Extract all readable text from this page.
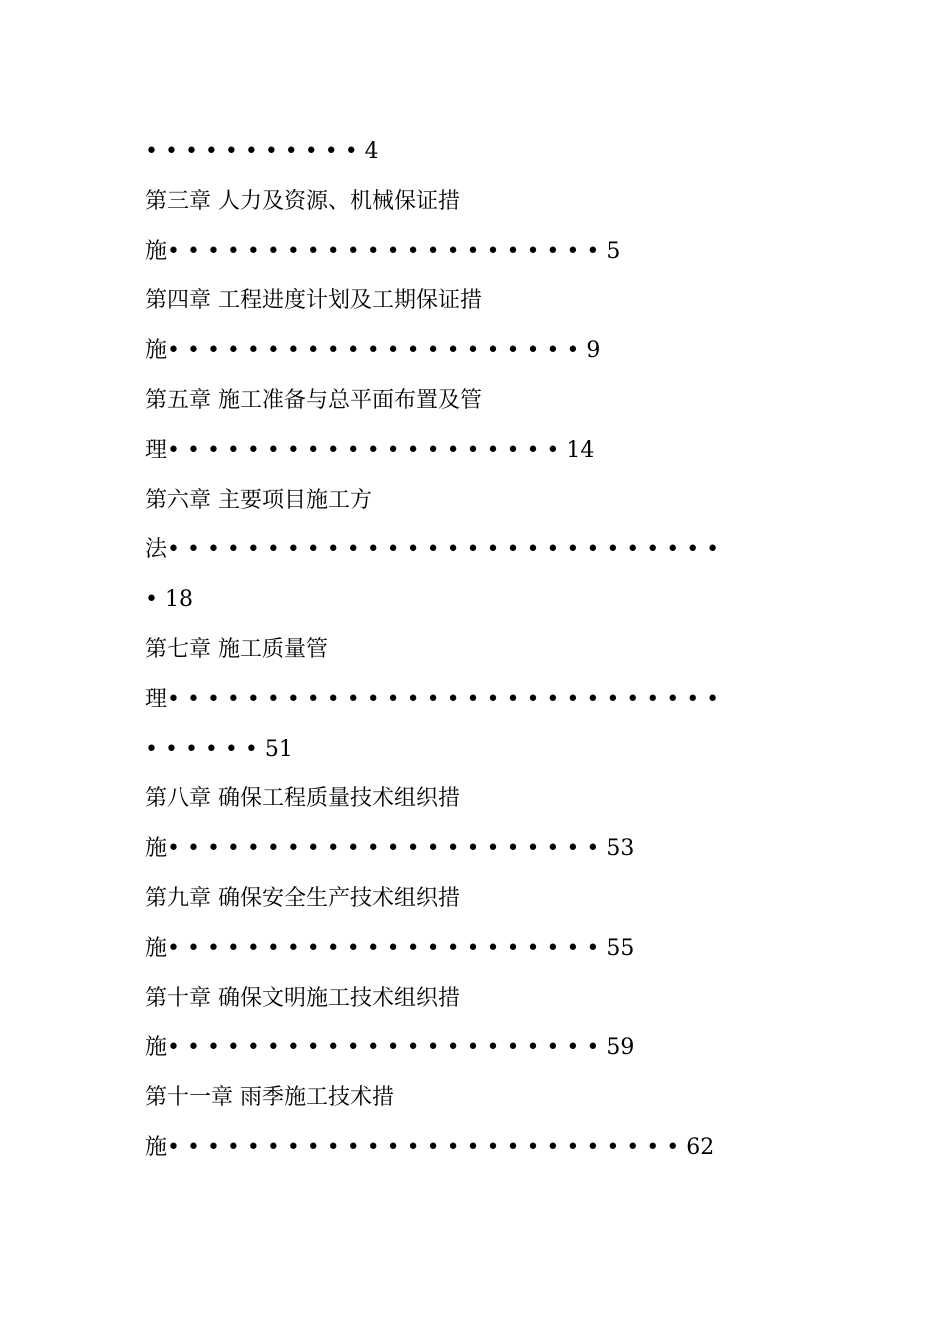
• • • • • • • • • • • 4
第三章 人力及资源、机械保证措
施• • • • • • • • • • • • • • • • • • • • • • 5
第四章 工程进度计划及工期保证措
施• • • • • • • • • • • • • • • • • • • • • 9
第五章 施工准备与总平面布置及管
理• • • • • • • • • • • • • • • • • • • • 14
第六章 主要项目施工方
法• • • • • • • • • • • • • • • • • • • • • • • • • • • •
• 18
第七章 施工质量管
理• • • • • • • • • • • • • • • • • • • • • • • • • • • •
• • • • • • 51
第八章 确保工程质量技术组织措
施• • • • • • • • • • • • • • • • • • • • • • 53
第九章 确保安全生产技术组织措
施• • • • • • • • • • • • • • • • • • • • • • 55
第十章 确保文明施工技术组织措
施• • • • • • • • • • • • • • • • • • • • • • 59
第十一章 雨季施工技术措
施• • • • • • • • • • • • • • • • • • • • • • • • • • 62
